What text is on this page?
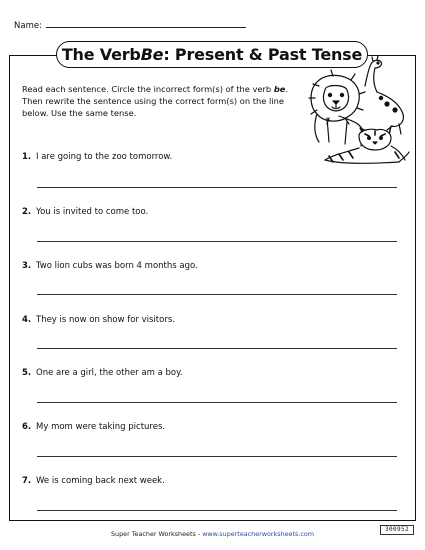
Name:
The Verb Be : Present & Past Tense
Read each sentence. Circle the incorrect form(s) of the verb be. Then rewrite the sentence using the correct form(s) on the line below. Use the same tense.
1. I are going to the zoo tomorrow.
2. You is invited to come too.
3. Two lion cubs was born 4 months ago.
4. They is now on show for visitors.
5. One are a girl, the other am a boy.
6. My mom were taking pictures.
7. We is coming back next week.
Super Teacher Worksheets - www.superteacherworksheets.com
300952
